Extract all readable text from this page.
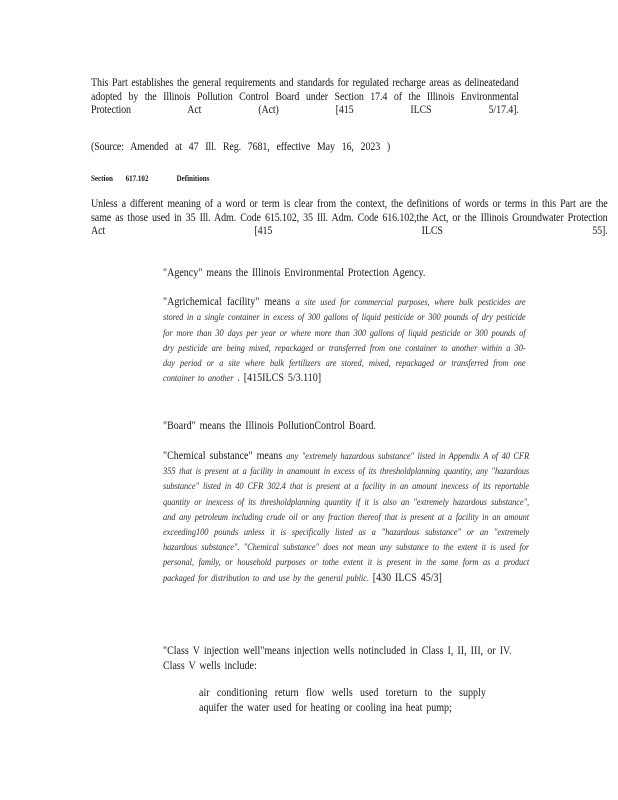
This Part establishes the general requirements and standards for regulated recharge areas as delineatedand adopted by the Illinois Pollution Control Board under Section 17.4 of the Illinois Environmental Protection Act (Act) [415 ILCS 5/17.4].

(Source: Amended at 47 Ill. Reg. 7681, effective May 16, 2023 )

Section 617.102	Definitions

Unless a different meaning of a word or term is clear from the context, the definitions of words or terms in this Part are the same as those used in 35 Ill. Adm. Code 615.102, 35 Ill. Adm. Code 616.102,the Act, or the Illinois Groundwater Protection Act [415 ILCS 55].

"Agency" means the Illinois Environmental Protection Agency.
"Agrichemical facility" means a site used for commercial purposes, where bulk pesticides are stored in a single container in excess of 300 gallons of liquid pesticide or 300 pounds of dry pesticide for more than 30 days per year or where more than 300 gallons of liquid pesticide or 300 pounds of dry pesticide are being mixed, repackaged or transferred from one container to another within a 30-day period or a site where bulk fertilizers are stored, mixed, repackaged or transferred from one container to another . [415ILCS 5/3.110]
"Board" means the Illinois PollutionControl Board.
"Chemical substance" means any "extremely hazardous substance" listed in Appendix A of 40 CFR 355 that is present at a facility in anamount in excess of its thresholdplanning quantity, any "hazardous substance" listed in 40 CFR 302.4 that is present at a facility in an amount inexcess of its reportable quantity or inexcess of its thresholdplanning quantity if it is also an "extremely hazardous substance", and any petroleum including crude oil or any fraction thereof that is present at a facility in an amount exceeding100 pounds unless it is specifically listed as a "hazardous substance" or an "extremely hazardous substance". "Chemical substance" does not mean any substance to the extent it is used for personal, family, or household purposes or tothe extent it is present in the same form as a product packaged for distribution to and use by the general public. [430 ILCS 45/3]
"Class V injection well"means injection wells notincluded in Class I, II, III, or IV. Class V wells include:
air conditioning return flow wells used toreturn to the supply aquifer the water used for heating or cooling ina heat pump;
